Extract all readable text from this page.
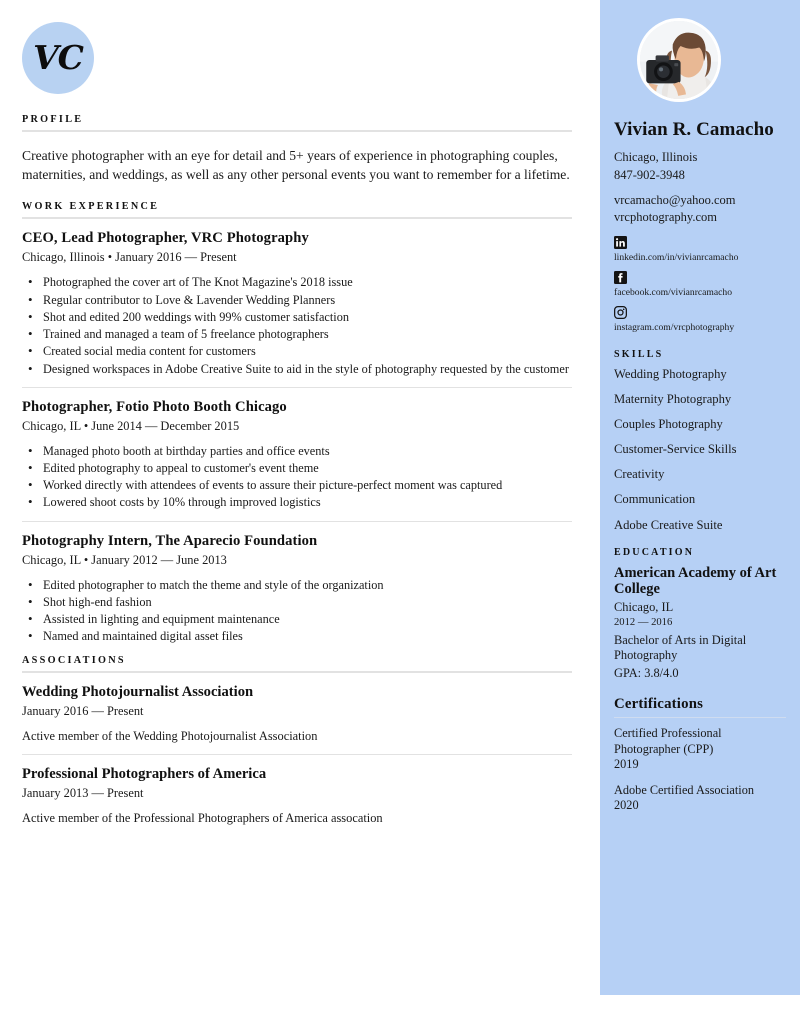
Vivian R. Camacho
Chicago, Illinois
847-902-3948
vrcamacho@yahoo.com
vrcphotography.com
linkedin.com/in/vivianrcamacho
facebook.com/vivianrcamacho
instagram.com/vrcphotography
SKILLS
Wedding Photography
Maternity Photography
Couples Photography
Customer-Service Skills
Creativity
Communication
Adobe Creative Suite
EDUCATION
American Academy of Art College
Chicago, IL
2012 — 2016
Bachelor of Arts in Digital Photography
GPA: 3.8/4.0
Certifications
Certified Professional Photographer (CPP)
2019
Adobe Certified Association
2020
VC
PROFILE

Creative photographer with an eye for detail and 5+ years of experience in photographing couples, maternities, and weddings, as well as any other personal events you want to remember for a lifetime.

WORK EXPERIENCE
CEO, Lead Photographer, VRC Photography
Chicago, Illinois • January 2016 — Present
• Photographed the cover art of The Knot Magazine's 2018 issue
• Regular contributor to Love & Lavender Wedding Planners
• Shot and edited 200 weddings with 99% customer satisfaction
• Trained and managed a team of 5 freelance photographers
• Created social media content for customers
• Designed workspaces in Adobe Creative Suite to aid in the style of photography requested by the customer
Photographer, Fotio Photo Booth Chicago
Chicago, IL • June 2014 — December 2015
• Managed photo booth at birthday parties and office events
• Edited photography to appeal to customer's event theme
• Worked directly with attendees of events to assure their picture-perfect moment was captured
• Lowered shoot costs by 10% through improved logistics
Photography Intern, The Aparecio Foundation
Chicago, IL • January 2012 — June 2013
• Edited photographer to match the theme and style of the organization
• Shot high-end fashion
• Assisted in lighting and equipment maintenance
• Named and maintained digital asset files
ASSOCIATIONS
Wedding Photojournalist Association
January 2016 — Present
Active member of the Wedding Photojournalist Association
Professional Photographers of America
January 2013 — Present
Active member of the Professional Photographers of America assocation
